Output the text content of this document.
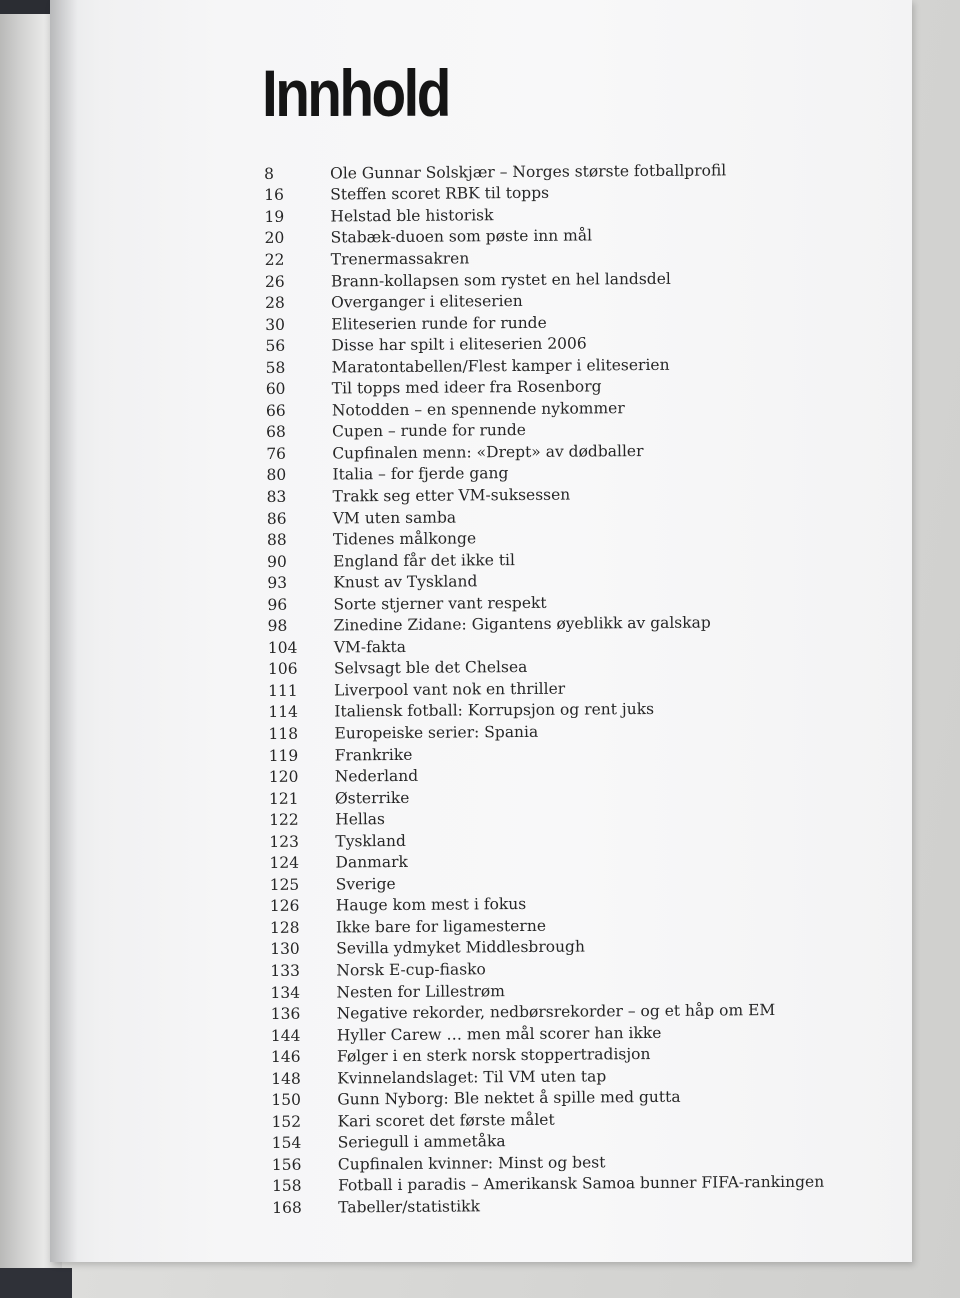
Innhold
8	Ole Gunnar Solskjær – Norges største fotballprofil
16	Steffen scoret RBK til topps
19	Helstad ble historisk
20	Stabæk-duoen som pøste inn mål
22	Trenermassakren
26	Brann-kollapsen som rystet en hel landsdel
28	Overganger i eliteserien
30	Eliteserien runde for runde
56	Disse har spilt i eliteserien 2006
58	Maratontabellen/Flest kamper i eliteserien
60	Til topps med ideer fra Rosenborg
66	Notodden – en spennende nykommer
68	Cupen – runde for runde
76	Cupfinalen menn: «Drept» av dødballer
80	Italia – for fjerde gang
83	Trakk seg etter VM-suksessen
86	VM uten samba
88	Tidenes målkonge
90	England får det ikke til
93	Knust av Tyskland
96	Sorte stjerner vant respekt
98	Zinedine Zidane: Gigantens øyeblikk av galskap
104	VM-fakta
106	Selvsagt ble det Chelsea
111	Liverpool vant nok en thriller
114	Italiensk fotball: Korrupsjon og rent juks
118	Europeiske serier: Spania
119	Frankrike
120	Nederland
121	Østerrike
122	Hellas
123	Tyskland
124	Danmark
125	Sverige
126	Hauge kom mest i fokus
128	Ikke bare for ligamesterne
130	Sevilla ydmyket Middlesbrough
133	Norsk E-cup-fiasko
134	Nesten for Lillestrøm
136	Negative rekorder, nedbørsrekorder – og et håp om EM
144	Hyller Carew … men mål scorer han ikke
146	Følger i en sterk norsk stoppertradisjon
148	Kvinnelandslaget: Til VM uten tap
150	Gunn Nyborg: Ble nektet å spille med gutta
152	Kari scoret det første målet
154	Seriegull i ammetåka
156	Cupfinalen kvinner: Minst og best
158	Fotball i paradis – Amerikansk Samoa bunner FIFA-rankingen
168	Tabeller/statistikk
